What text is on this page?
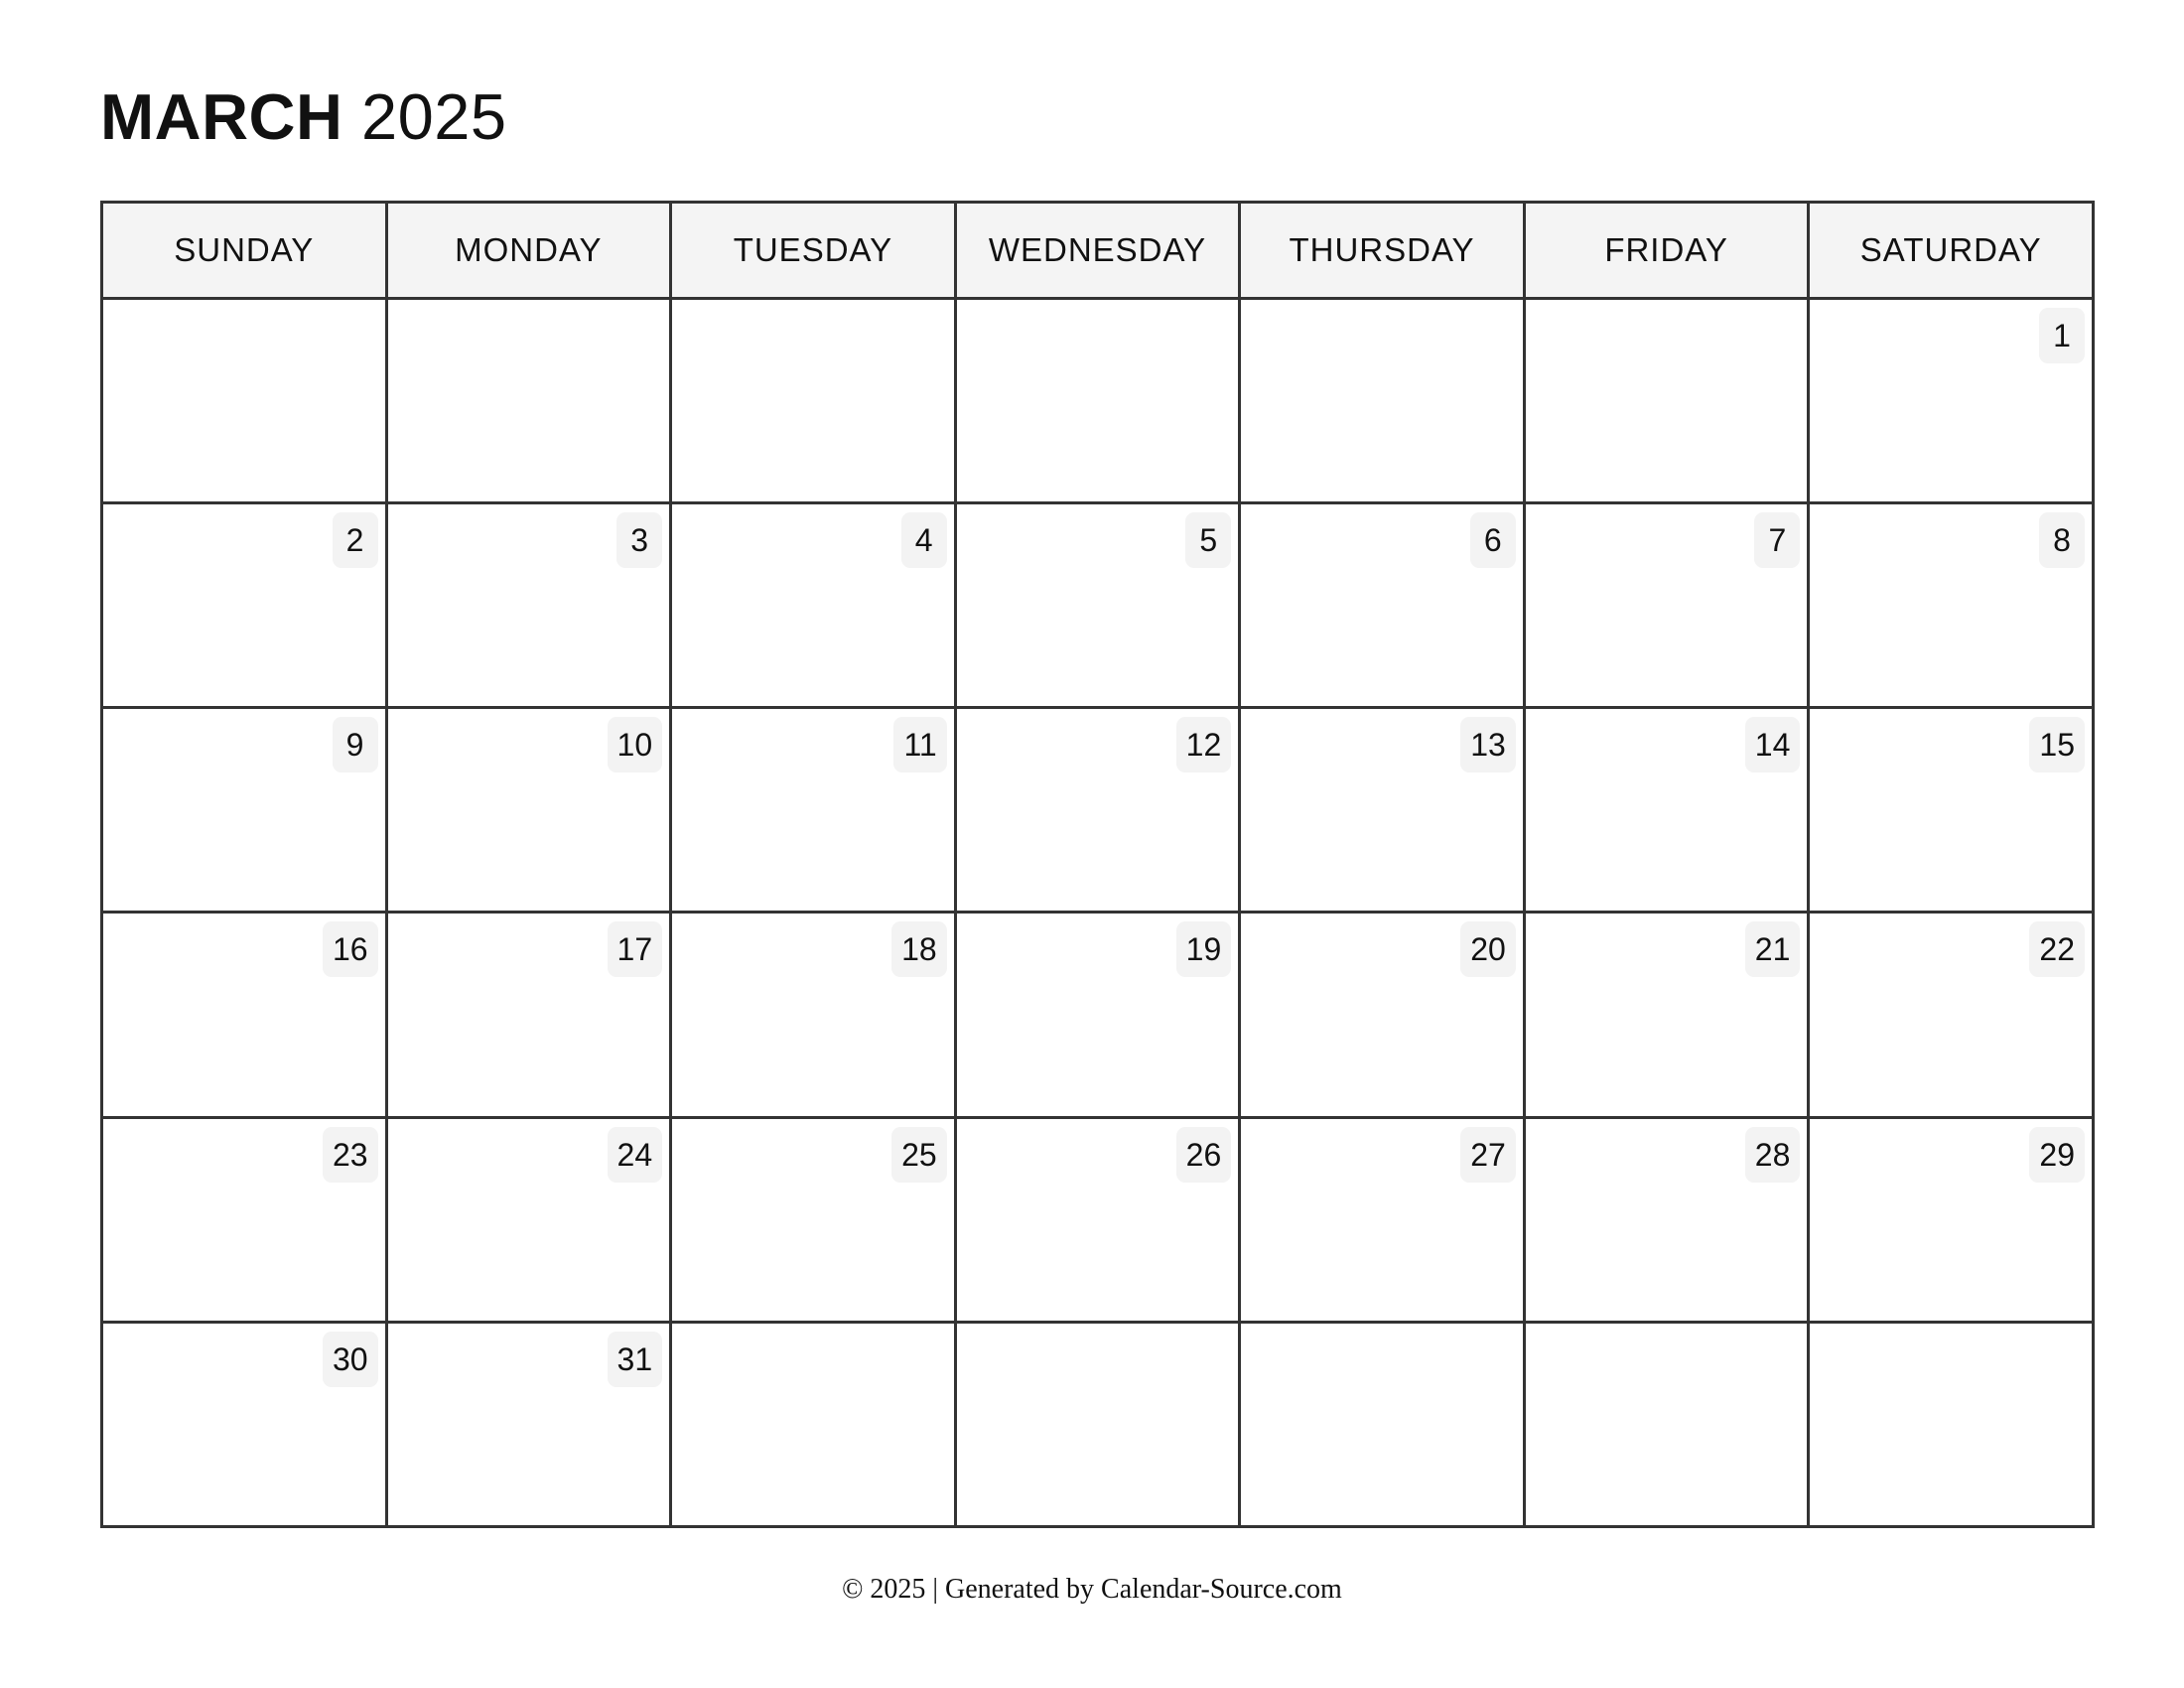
MARCH 2025
SUNDAY	MONDAY	TUESDAY	WEDNESDAY	THURSDAY	FRIDAY	SATURDAY
						1
2	3	4	5	6	7	8
9	10	11	12	13	14	15
16	17	18	19	20	21	22
23	24	25	26	27	28	29
30	31					
© 2025 | Generated by Calendar-Source.com
